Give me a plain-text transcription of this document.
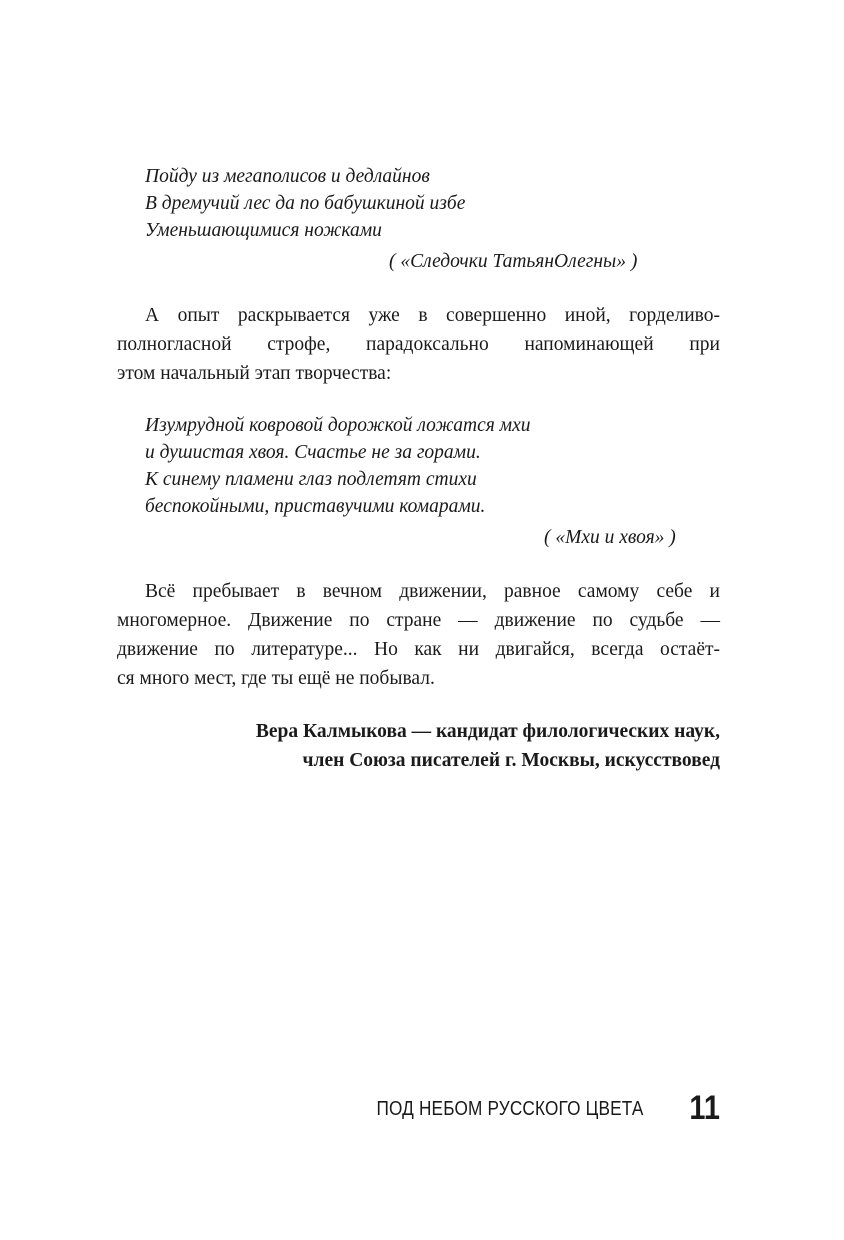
Пойду из мегаполисов и дедлайнов
В дремучий лес да по бабушкиной избе
Уменьшающимися ножками
( «Следочки ТатьянОлегны» )
А опыт раскрывается уже в совершенно иной, горделиво-
полногласной строфе, парадоксально напоминающей при
этом начальный этап творчества:
Изумрудной ковровой дорожкой ложатся мхи
и душистая хвоя. Счастье не за горами.
К синему пламени глаз подлетят стихи
беспокойными, приставучими комарами.
( «Мхи и хвоя» )
Всё пребывает в вечном движении, равное самому себе и
многомерное. Движение по стране — движение по судьбе —
движение по литературе... Но как ни двигайся, всегда остаёт-
ся много мест, где ты ещё не побывал.
Вера Калмыкова — кандидат филологических наук,
член Союза писателей г. Москвы, искусствовед
ПОД НЕБОМ РУССКОГО ЦВЕТА 11
